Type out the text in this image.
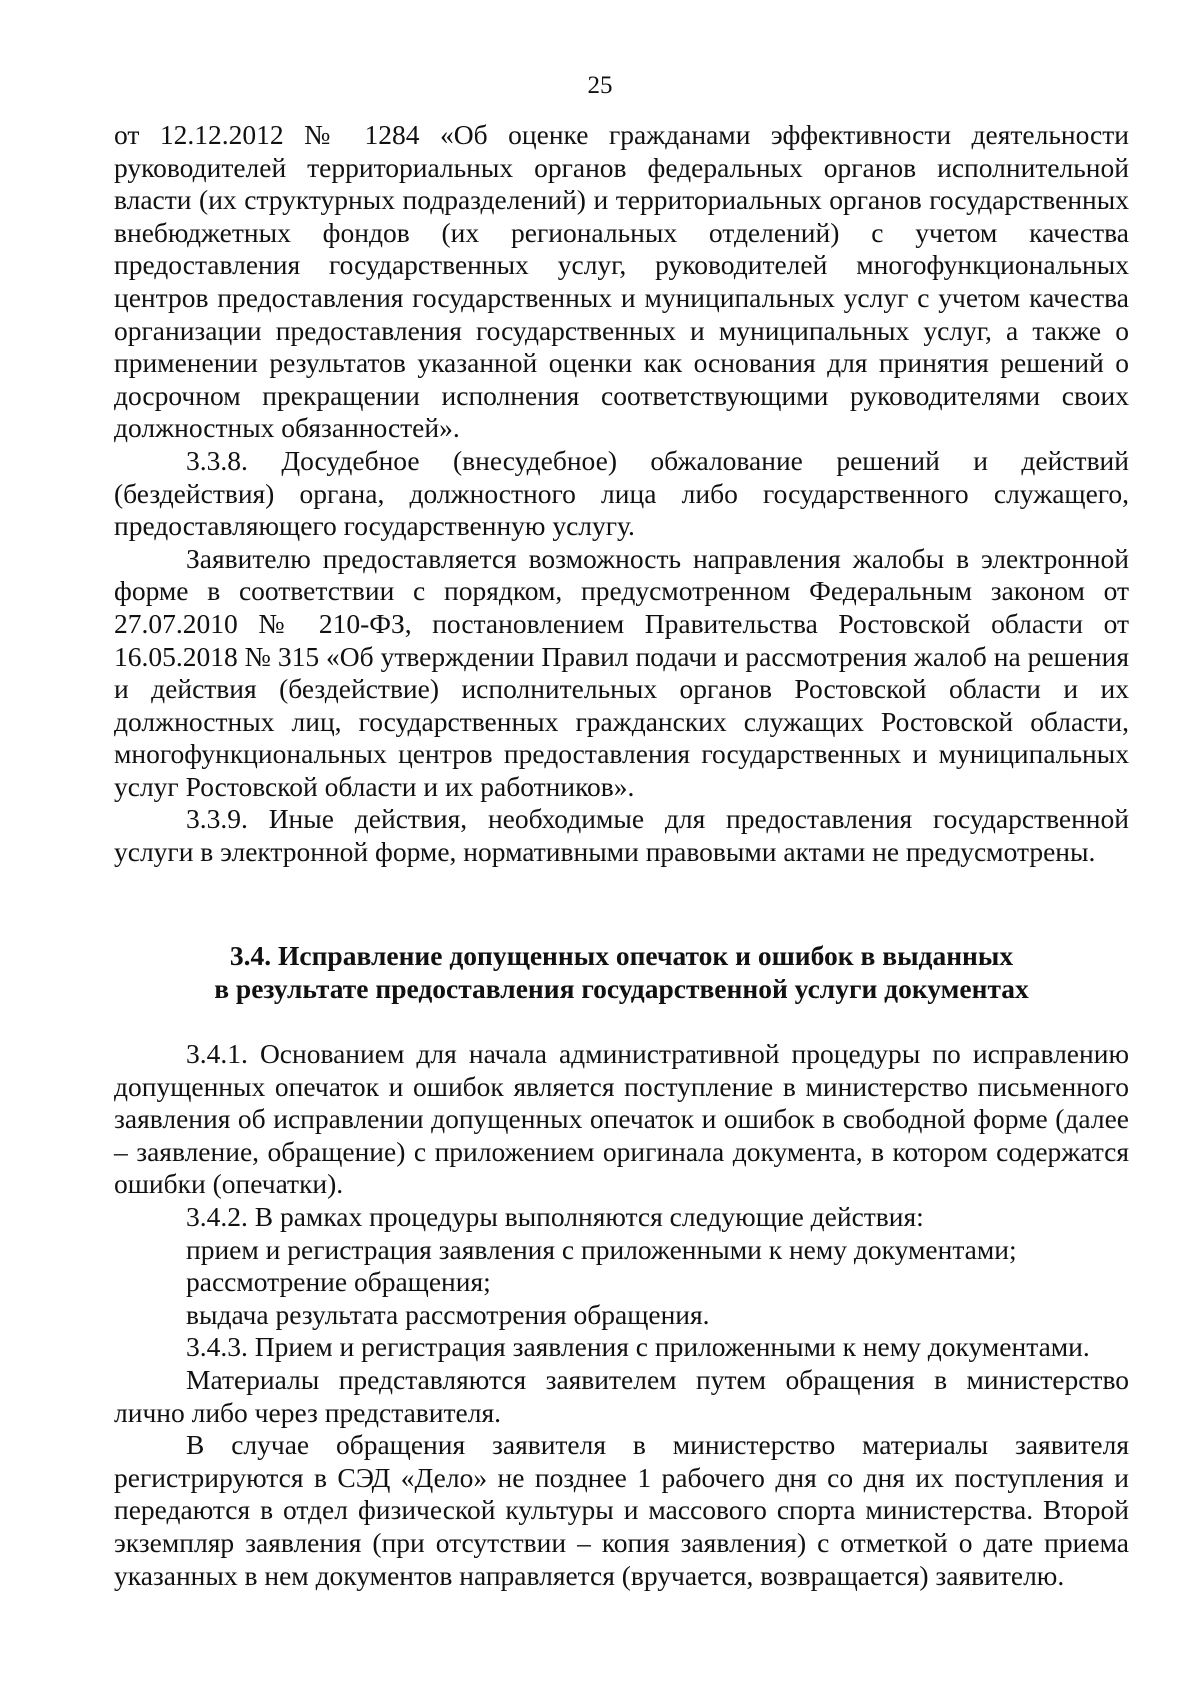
25

от 12.12.2012 № 1284 «Об оценке гражданами эффективности деятельности руководителей территориальных органов федеральных органов исполнительной власти (их структурных подразделений) и территориальных органов государственных внебюджетных фондов (их региональных отделений) с учетом качества предоставления государственных услуг, руководителей многофункциональных центров предоставления государственных и муниципальных услуг с учетом качества организации предоставления государственных и муниципальных услуг, а также о применении результатов указанной оценки как основания для принятия решений о досрочном прекращении исполнения соответствующими руководителями своих должностных обязанностей».

3.3.8. Досудебное (внесудебное) обжалование решений и действий (бездействия) органа, должностного лица либо государственного служащего, предоставляющего государственную услугу.

Заявителю предоставляется возможность направления жалобы в электронной форме в соответствии с порядком, предусмотренном Федеральным законом от 27.07.2010 № 210-ФЗ, постановлением Правительства Ростовской области от 16.05.2018 № 315 «Об утверждении Правил подачи и рассмотрения жалоб на решения и действия (бездействие) исполнительных органов Ростовской области и их должностных лиц, государственных гражданских служащих Ростовской области, многофункциональных центров предоставления государственных и муниципальных услуг Ростовской области и их работников».

3.3.9. Иные действия, необходимые для предоставления государственной услуги в электронной форме, нормативными правовыми актами не предусмотрены.

3.4. Исправление допущенных опечаток и ошибок в выданных
в результате предоставления государственной услуги документах

3.4.1. Основанием для начала административной процедуры по исправлению допущенных опечаток и ошибок является поступление в министерство письменного заявления об исправлении допущенных опечаток и ошибок в свободной форме (далее – заявление, обращение) с приложением оригинала документа, в котором содержатся ошибки (опечатки).

3.4.2. В рамках процедуры выполняются следующие действия:

прием и регистрация заявления с приложенными к нему документами;

рассмотрение обращения;

выдача результата рассмотрения обращения.

3.4.3. Прием и регистрация заявления с приложенными к нему документами.

Материалы представляются заявителем путем обращения в министерство лично либо через представителя.

В случае обращения заявителя в министерство материалы заявителя регистрируются в СЭД «Дело» не позднее 1 рабочего дня со дня их поступления и передаются в отдел физической культуры и массового спорта министерства. Второй экземпляр заявления (при отсутствии – копия заявления) с отметкой о дате приема указанных в нем документов направляется (вручается, возвращается) заявителю.
